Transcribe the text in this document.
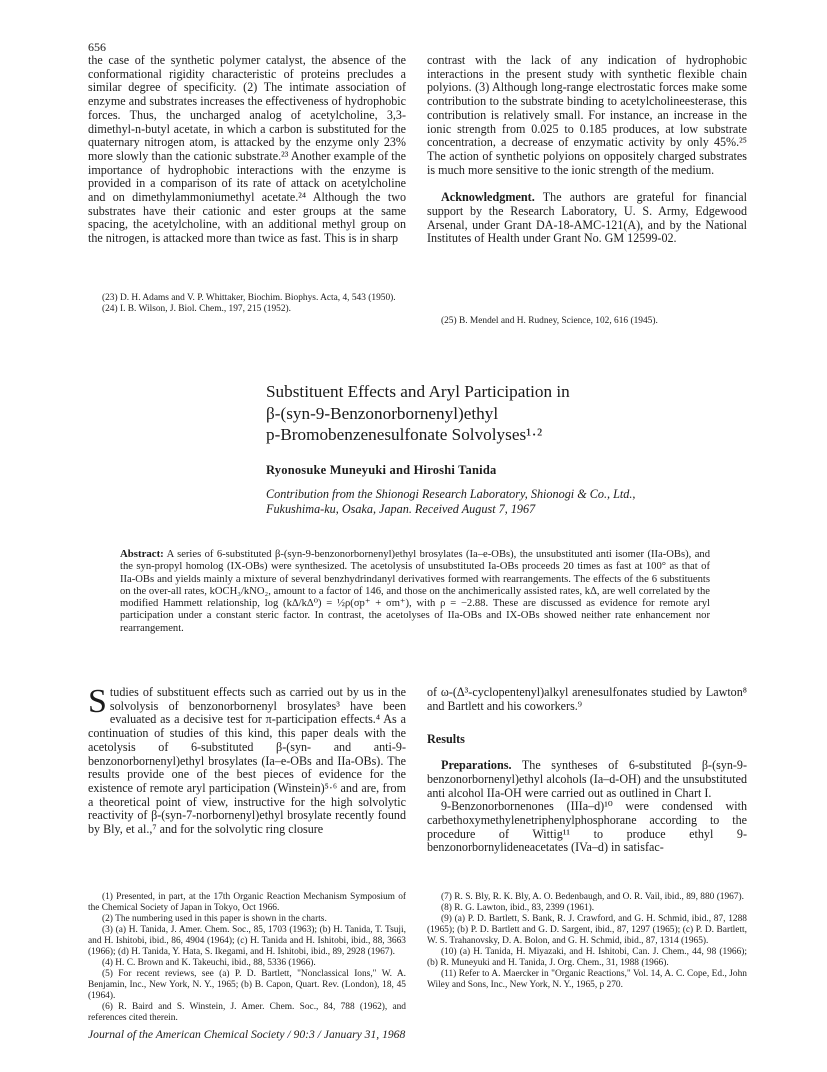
656

the case of the synthetic polymer catalyst, the absence of the conformational rigidity characteristic of proteins precludes a similar degree of specificity. (2) The intimate association of enzyme and substrates increases the effectiveness of hydrophobic forces. Thus, the uncharged analog of acetylcholine, 3,3-dimethyl-n-butyl acetate, in which a carbon is substituted for the quaternary nitrogen atom, is attacked by the enzyme only 23% more slowly than the cationic substrate.²³ Another example of the importance of hydrophobic interactions with the enzyme is provided in a comparison of its rate of attack on acetylcholine and on dimethylammoniumethyl acetate.²⁴ Although the two substrates have their cationic and ester groups at the same spacing, the acetylcholine, with an additional methyl group on the nitrogen, is attacked more than twice as fast. This is in sharp

(23) D. H. Adams and V. P. Whittaker, Biochim. Biophys. Acta, 4, 543 (1950).

(24) I. B. Wilson, J. Biol. Chem., 197, 215 (1952).

contrast with the lack of any indication of hydrophobic interactions in the present study with synthetic flexible chain polyions. (3) Although long-range electrostatic forces make some contribution to the substrate binding to acetylcholineesterase, this contribution is relatively small. For instance, an increase in the ionic strength from 0.025 to 0.185 produces, at low substrate concentration, a decrease of enzymatic activity by only 45%.²⁵ The action of synthetic polyions on oppositely charged substrates is much more sensitive to the ionic strength of the medium.

Acknowledgment. The authors are grateful for financial support by the Research Laboratory, U. S. Army, Edgewood Arsenal, under Grant DA-18-AMC-121(A), and by the National Institutes of Health under Grant No. GM 12599-02.

(25) B. Mendel and H. Rudney, Science, 102, 616 (1945).

Substituent Effects and Aryl Participation in
β-(syn-9-Benzonorbornenyl)ethyl
p-Bromobenzenesulfonate Solvolyses¹·²
Ryonosuke Muneyuki and Hiroshi Tanida
Contribution from the Shionogi Research Laboratory, Shionogi & Co., Ltd.,
Fukushima-ku, Osaka, Japan. Received August 7, 1967
Abstract: A series of 6-substituted β-(syn-9-benzonorbornenyl)ethyl brosylates (Ia–e-OBs), the unsubstituted anti isomer (IIa-OBs), and the syn-propyl homolog (IX-OBs) were synthesized. The acetolysis of unsubstituted Ia-OBs proceeds 20 times as fast at 100° as that of IIa-OBs and yields mainly a mixture of several benzhydrindanyl derivatives formed with rearrangements. The effects of the 6 substituents on the over-all rates, kOCH₃/kNO₂, amount to a factor of 146, and those on the anchimerically assisted rates, kΔ, are well correlated by the modified Hammett relationship, log (kΔ/kΔ⁰) = ½ρ(σp⁺ + σm⁺), with ρ = −2.88. These are discussed as evidence for remote aryl participation under a constant steric factor. In contrast, the acetolyses of IIa-OBs and IX-OBs showed neither rate enhancement nor rearrangement.

Studies of substituent effects such as carried out by us in the solvolysis of benzonorbornenyl brosylates³ have been evaluated as a decisive test for π-participation effects.⁴ As a continuation of studies of this kind, this paper deals with the acetolysis of 6-substituted β-(syn- and anti-9-benzonorbornenyl)ethyl brosylates (Ia–e-OBs and IIa-OBs). The results provide one of the best pieces of evidence for the existence of remote aryl participation (Winstein)⁵·⁶ and are, from a theoretical point of view, instructive for the high solvolytic reactivity of β-(syn-7-norbornenyl)ethyl brosylate recently found by Bly, et al.,⁷ and for the solvolytic ring closure

(1) Presented, in part, at the 17th Organic Reaction Mechanism Symposium of the Chemical Society of Japan in Tokyo, Oct 1966.

(2) The numbering used in this paper is shown in the charts.

(3) (a) H. Tanida, J. Amer. Chem. Soc., 85, 1703 (1963); (b) H. Tanida, T. Tsuji, and H. Ishitobi, ibid., 86, 4904 (1964); (c) H. Tanida and H. Ishitobi, ibid., 88, 3663 (1966); (d) H. Tanida, Y. Hata, S. Ikegami, and H. Ishitobi, ibid., 89, 2928 (1967).

(4) H. C. Brown and K. Takeuchi, ibid., 88, 5336 (1966).

(5) For recent reviews, see (a) P. D. Bartlett, "Nonclassical Ions," W. A. Benjamin, Inc., New York, N. Y., 1965; (b) B. Capon, Quart. Rev. (London), 18, 45 (1964).

(6) R. Baird and S. Winstein, J. Amer. Chem. Soc., 84, 788 (1962), and references cited therein.

of ω-(Δ³-cyclopentenyl)alkyl arenesulfonates studied by Lawton⁸ and Bartlett and his coworkers.⁹

Results

Preparations. The syntheses of 6-substituted β-(syn-9-benzonorbornenyl)ethyl alcohols (Ia–d-OH) and the unsubstituted anti alcohol IIa-OH were carried out as outlined in Chart I.

9-Benzonorbornenones (IIIa–d)¹⁰ were condensed with carbethoxymethylenetriphenylphosphorane according to the procedure of Wittig¹¹ to produce ethyl 9-benzonorbornylideneacetates (IVa–d) in satisfac-

(7) R. S. Bly, R. K. Bly, A. O. Bedenbaugh, and O. R. Vail, ibid., 89, 880 (1967).

(8) R. G. Lawton, ibid., 83, 2399 (1961).

(9) (a) P. D. Bartlett, S. Bank, R. J. Crawford, and G. H. Schmid, ibid., 87, 1288 (1965); (b) P. D. Bartlett and G. D. Sargent, ibid., 87, 1297 (1965); (c) P. D. Bartlett, W. S. Trahanovsky, D. A. Bolon, and G. H. Schmid, ibid., 87, 1314 (1965).

(10) (a) H. Tanida, H. Miyazaki, and H. Ishitobi, Can. J. Chem., 44, 98 (1966); (b) R. Muneyuki and H. Tanida, J. Org. Chem., 31, 1988 (1966).

(11) Refer to A. Maercker in "Organic Reactions," Vol. 14, A. C. Cope, Ed., John Wiley and Sons, Inc., New York, N. Y., 1965, p 270.

Journal of the American Chemical Society / 90:3 / January 31, 1968
